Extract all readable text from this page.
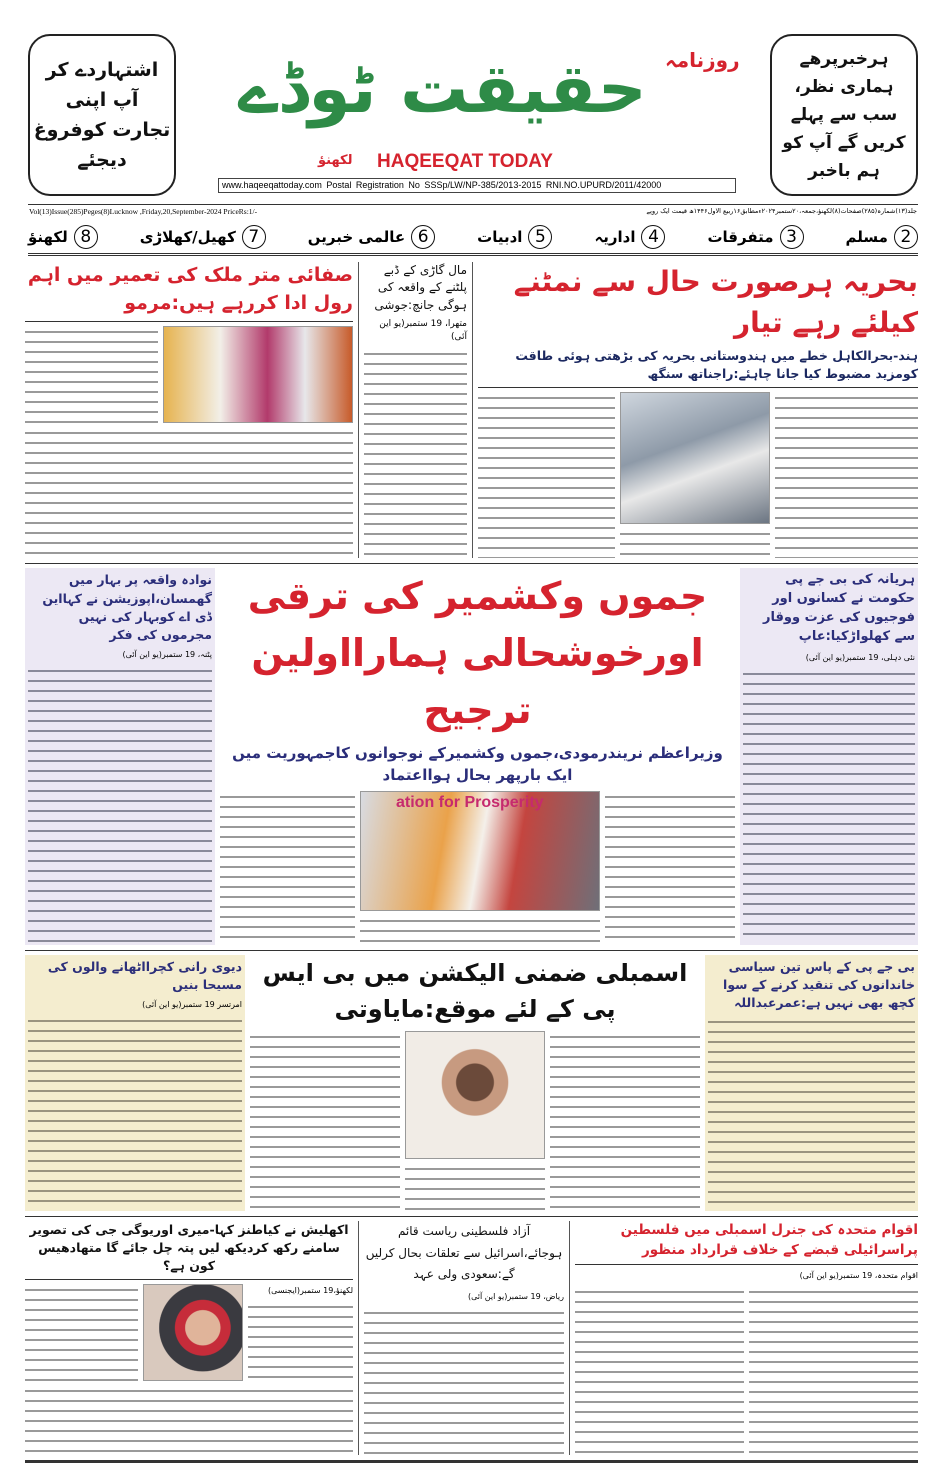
اشتہاردے کر
آپ اپنی
تجارت کوفروغ
دیجئے
ہرخبرپرھے
ہماری نظر،
سب سے پہلے
کریں گے آپ کو
ہم باخبر
روزنامہ
حقیقت ٹوڈے
لکھنؤ HAQEEQAT TODAY
www.haqeeqattoday.com Postal Registration No SSSp/LW/NP-385/2013-2015 RNI.NO.UPURD/2011/42000
Vol(13)Issue(285)Peges(8)Lucknow ,Friday,20,September-2024 PriceRs:1/-	جلد(۱۳)شمارہ(۲۸۵)صفحات(۸)لکھنؤ،جمعہ،۲۰ستمبر۲۰۲۴ءمطابق۱۶ربیع الاول۱۴۴۶ھ قیمت ایک روپے
2
مسلم
3
متفرقات
4
اداریہ
5
ادبیات
6
عالمی خبریں
7
کھیل/کھلاڑی
8
لکھنؤ
بحریہ ہرصورت حال سے نمٹنے کیلئے رہے تیار
ہند-بحرالکاہل خطے میں ہندوستانی بحریہ کی بڑھتی ہوئی طاقت کومزید مضبوط کیا جانا چاہئے:راجناتھ سنگھ
مال گاڑی کے ڈبے پلٹنے کے واقعہ کی ہوگی جانچ:جوشی
متھرا، 19 ستمبر(یو این آئی)
صفائی متر ملک کی تعمیر میں اہم رول ادا کررہے ہیں:مرمو
ہریانہ کی بی جے پی حکومت نے کسانوں اور فوجیوں کی عزت ووقار سے کھلواڑکیا:عاپ
نئی دہلی، 19 ستمبر(یو این آئی)
جموں وکشمیر کی ترقی اورخوشحالی ہمارااولین ترجیح
وزیراعظم نریندرمودی،جموں وکشمیرکے نوجوانوں کاجمہوریت میں ایک بارپھر بحال ہوااعتماد
ation for Prosperity
نوادہ واقعہ پر بہار میں گھمسان،اپوزیشن نے کہااین ڈی اے کوبہار کی نہیں مجرموں کی فکر
پٹنہ، 19 ستمبر(یو این آئی)
بی جے پی کے پاس تین سیاسی خاندانوں کی تنقید کرنے کے سوا کچھ بھی نہیں ہے:عمرعبداللہ
اسمبلی ضمنی الیکشن میں بی ایس پی کے لئے موقع:مایاوتی
دیوی رانی کچرااٹھانے والوں کی مسیحا بنیں
امرتسر 19 ستمبر(یو این آئی)
اقوام متحدہ کی جنرل اسمبلی میں فلسطین پراسرائیلی قبضے کے خلاف قرارداد منظور
اقوام متحدہ، 19 ستمبر(یو این آئی)
آزاد فلسطینی ریاست قائم ہوجائے،اسرائیل سے تعلقات بحال کرلیں گے:سعودی ولی عہد
ریاض، 19 ستمبر(یو این آئی)
اکھلیش نے کیاطنز کہا-میری اوریوگی جی کی تصویر سامنے رکھ کردیکھ لیں پتہ چل جائے گا متھادھیس کون ہے؟
لکھنؤ،19 ستمبر(ایجنسی)
